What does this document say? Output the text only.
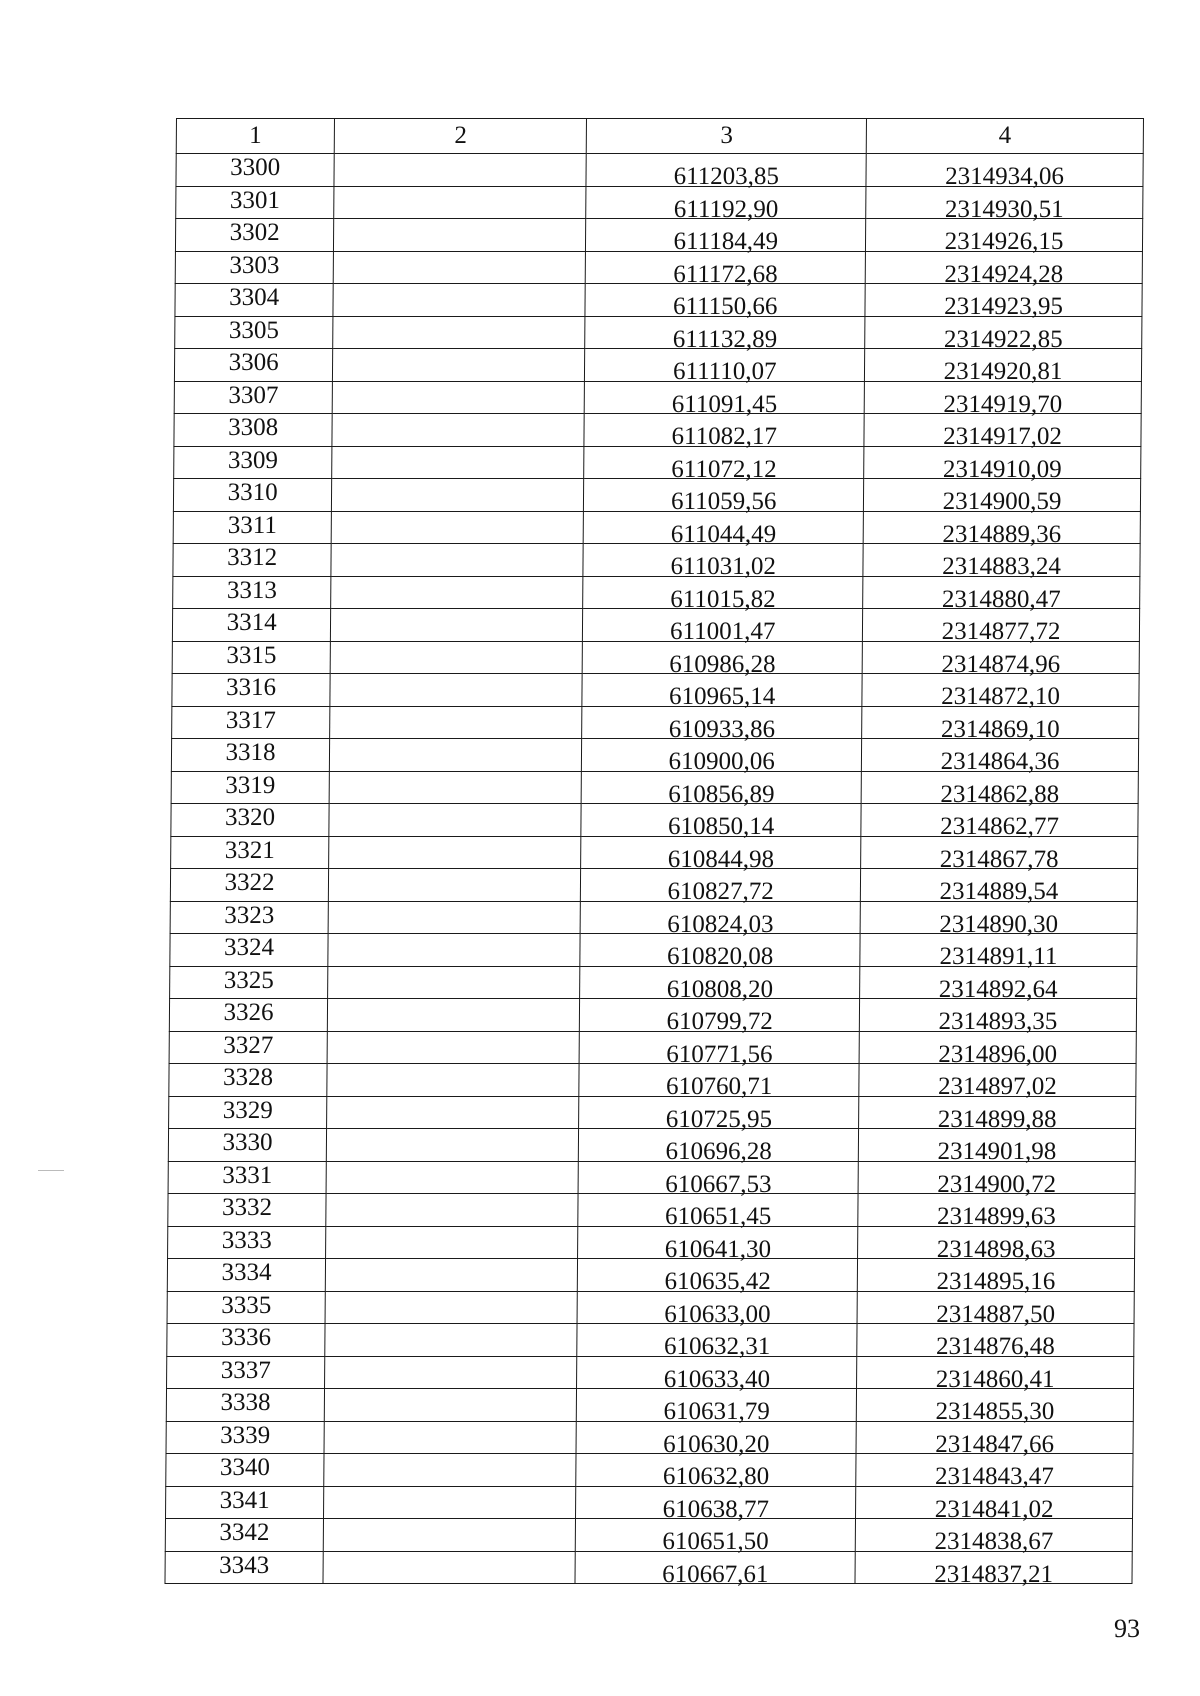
1	2	3	4
3300		611203,85	2314934,06
3301		611192,90	2314930,51
3302		611184,49	2314926,15
3303		611172,68	2314924,28
3304		611150,66	2314923,95
3305		611132,89	2314922,85
3306		611110,07	2314920,81
3307		611091,45	2314919,70
3308		611082,17	2314917,02
3309		611072,12	2314910,09
3310		611059,56	2314900,59
3311		611044,49	2314889,36
3312		611031,02	2314883,24
3313		611015,82	2314880,47
3314		611001,47	2314877,72
3315		610986,28	2314874,96
3316		610965,14	2314872,10
3317		610933,86	2314869,10
3318		610900,06	2314864,36
3319		610856,89	2314862,88
3320		610850,14	2314862,77
3321		610844,98	2314867,78
3322		610827,72	2314889,54
3323		610824,03	2314890,30
3324		610820,08	2314891,11
3325		610808,20	2314892,64
3326		610799,72	2314893,35
3327		610771,56	2314896,00
3328		610760,71	2314897,02
3329		610725,95	2314899,88
3330		610696,28	2314901,98
3331		610667,53	2314900,72
3332		610651,45	2314899,63
3333		610641,30	2314898,63
3334		610635,42	2314895,16
3335		610633,00	2314887,50
3336		610632,31	2314876,48
3337		610633,40	2314860,41
3338		610631,79	2314855,30
3339		610630,20	2314847,66
3340		610632,80	2314843,47
3341		610638,77	2314841,02
3342		610651,50	2314838,67
3343		610667,61	2314837,21
93
